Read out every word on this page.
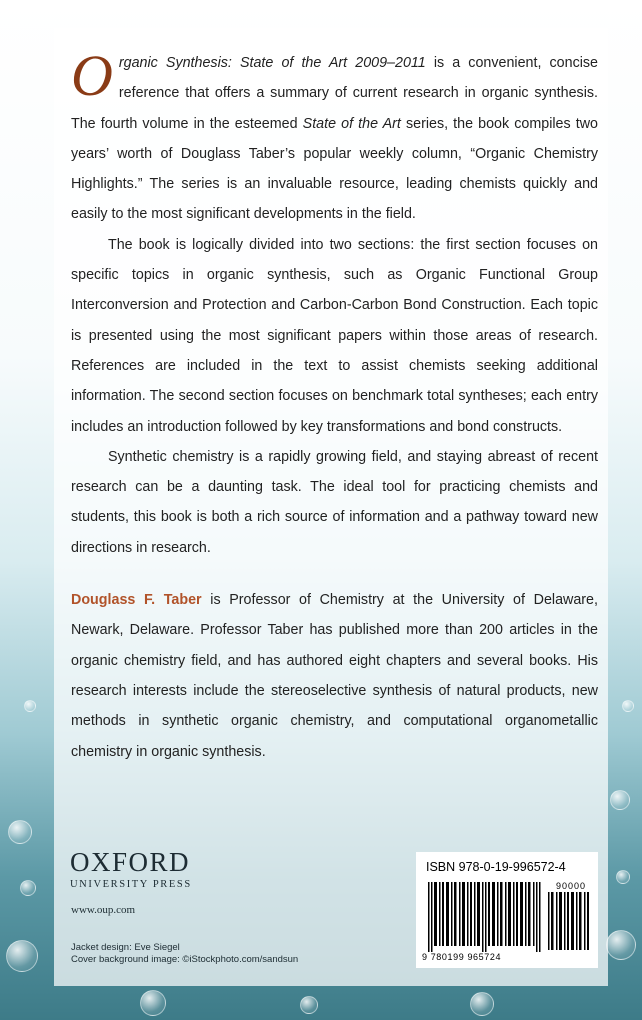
Organic Synthesis: State of the Art 2009–2011 is a convenient, concise reference that offers a summary of current research in organic synthesis. The fourth volume in the esteemed State of the Art series, the book compiles two years’ worth of Douglass Taber’s popular weekly column, “Organic Chemistry Highlights.” The series is an invaluable resource, leading chemists quickly and easily to the most significant developments in the field.

The book is logically divided into two sections: the first section focuses on specific topics in organic synthesis, such as Organic Functional Group Interconversion and Protection and Carbon-Carbon Bond Construction. Each topic is presented using the most significant papers within those areas of research. References are included in the text to assist chemists seeking additional information. The second section focuses on benchmark total syntheses; each entry includes an introduction followed by key transformations and bond constructs.

Synthetic chemistry is a rapidly growing field, and staying abreast of recent research can be a daunting task. The ideal tool for practicing chemists and students, this book is both a rich source of information and a pathway toward new directions in research.

Douglass F. Taber is Professor of Chemistry at the University of Delaware, Newark, Delaware. Professor Taber has published more than 200 articles in the organic chemistry field, and has authored eight chapters and several books. His research interests include the stereoselective synthesis of natural products, new methods in synthetic organic chemistry, and computational organometallic chemistry in organic synthesis.

OXFORD
UNIVERSITY PRESS
www.oup.com
Jacket design: Eve Siegel
Cover background image: ©iStockphoto.com/sandsun
ISBN 978-0-19-996572-4
90000
9 780199 965724
